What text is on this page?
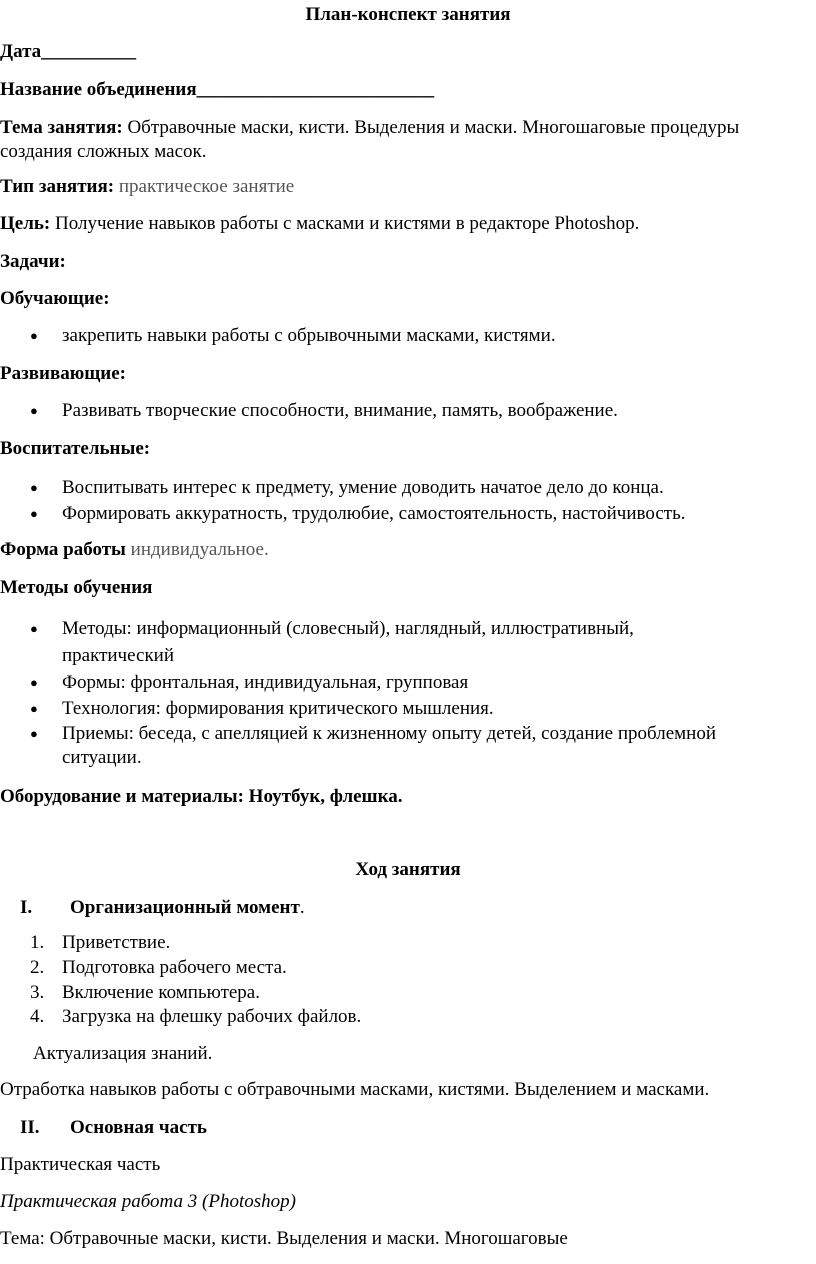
План-конспект занятия
Дата__________
Название объединения_________________________
Тема занятия: Обтравочные маски, кисти. Выделения и маски. Многошаговые процедуры
создания сложных масок.
Тип занятия: практическое занятие
Цель: Получение навыков работы с масками и кистями в редакторе Photoshop.
Задачи:
Обучающие:
● закрепить навыки работы с обрывочными масками, кистями.
Развивающие:
● Развивать творческие способности, внимание, память, воображение.
Воспитательные:
● Воспитывать интерес к предмету, умение доводить начатое дело до конца.
● Формировать аккуратность, трудолюбие, самостоятельность, настойчивость.
Форма работы индивидуальное.
Методы обучения
● Методы: информационный (словесный), наглядный, иллюстративный,
практический
● Формы: фронтальная, индивидуальная, групповая
● Технология: формирования критического мышления.
● Приемы: беседа, с апелляцией к жизненному опыту детей, создание проблемной
ситуации.
Оборудование и материалы: Ноутбук, флешка.
Ход занятия
I. Организационный момент.
1. Приветствие.
2. Подготовка рабочего места.
3. Включение компьютера.
4. Загрузка на флешку рабочих файлов.
Актуализация знаний.
Отработка навыков работы с обтравочными масками, кистями. Выделением и масками.
II. Основная часть
Практическая часть
Практическая работа 3 (Photoshop)
Тема: Обтравочные маски, кисти. Выделения и маски. Многошаговые
